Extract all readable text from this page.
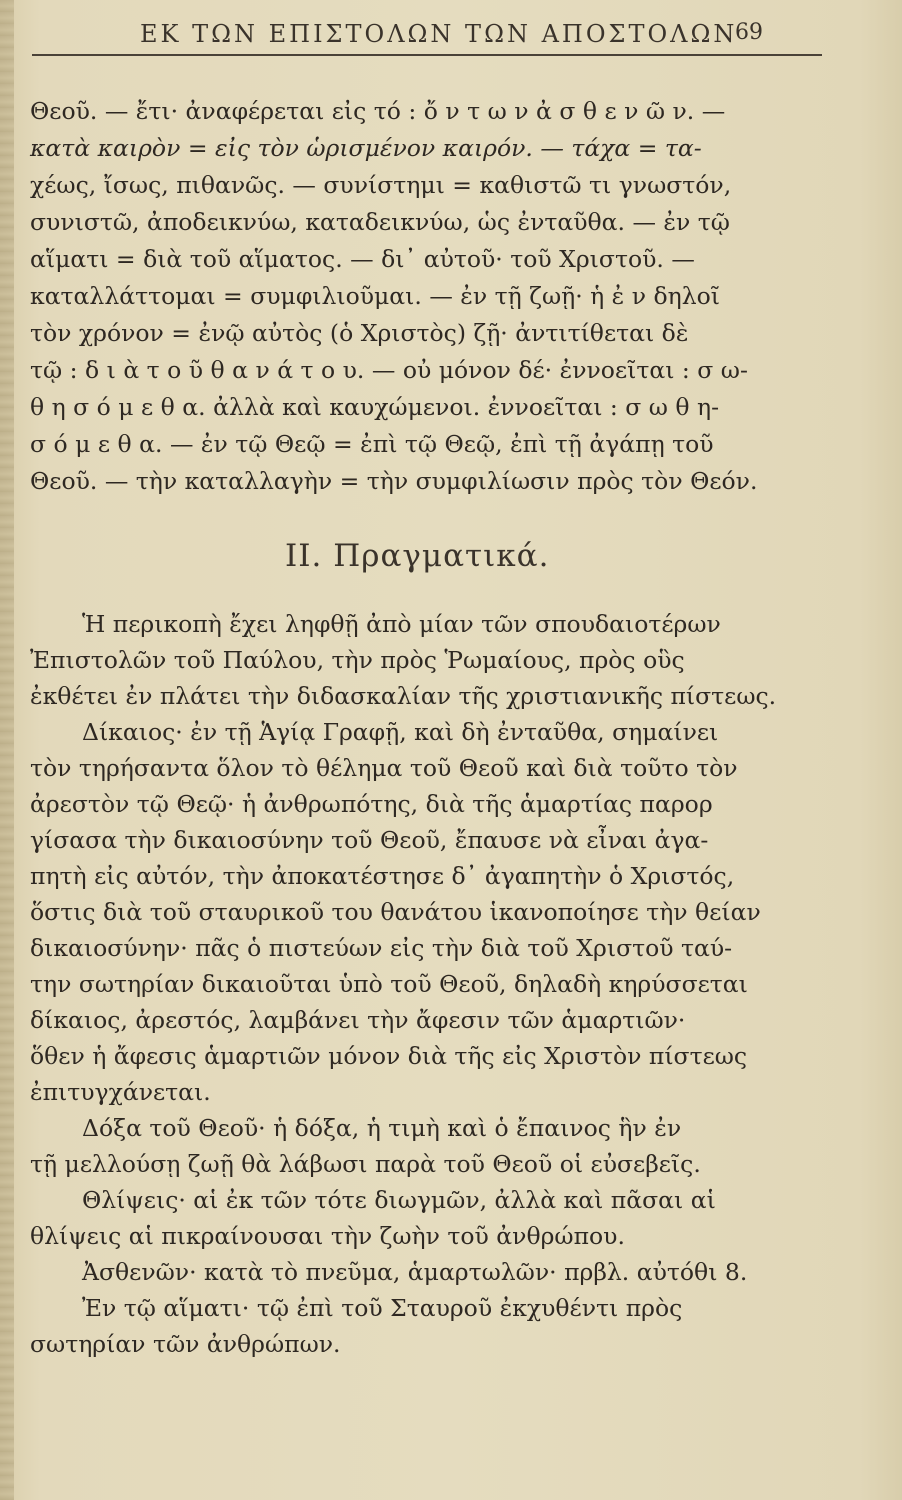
ΕΚ ΤΩΝ ΕΠΙΣΤΟΛΩΝ ΤΩΝ ΑΠΟΣΤΟΛΩΝ
69
Θεοῦ. — ἔτι· ἀναφέρεται εἰς τό : ὄ ν τ ω ν ἀ σ θ ε ν ῶ ν. —
κατὰ καιρὸν = εἰς τὸν ὡρισμένον καιρόν. — τάχα = τα-
χέως, ἴσως, πιθανῶς. — συνίστημι = καθιστῶ τι γνωστόν,
συνιστῶ, ἀποδεικνύω, καταδεικνύω, ὡς ἐνταῦθα. — ἐν τῷ
αἵματι = διὰ τοῦ αἵματος. — δι᾽ αὐτοῦ· τοῦ Χριστοῦ. —
καταλλάττομαι = συμφιλιοῦμαι. — ἐν τῇ ζωῇ· ἡ ἐ ν δηλοῖ
τὸν χρόνον = ἐνῷ αὐτὸς (ὁ Χριστὸς) ζῇ· ἀντιτίθεται δὲ
τῷ : δ ι ὰ τ ο ῦ θ α ν ά τ ο υ. — οὐ μόνον δέ· ἐννοεῖται : σ ω-
θ η σ ό μ ε θ α. ἀλλὰ καὶ καυχώμενοι. ἐννοεῖται : σ ω θ η-
σ ό μ ε θ α. — ἐν τῷ Θεῷ = ἐπὶ τῷ Θεῷ, ἐπὶ τῇ ἀγάπῃ τοῦ
Θεοῦ. — τὴν καταλλαγὴν = τὴν συμφιλίωσιν πρὸς τὸν Θεόν.
ΙΙ. Πραγματικά.
Ἡ περικοπὴ ἔχει ληφθῇ ἀπὸ μίαν τῶν σπουδαιοτέρων
Ἐπιστολῶν τοῦ Παύλου, τὴν πρὸς Ῥωμαίους, πρὸς οὓς
ἐκθέτει ἐν πλάτει τὴν διδασκαλίαν τῆς χριστιανικῆς πίστεως.
Δίκαιος· ἐν τῇ Ἁγίᾳ Γραφῇ, καὶ δὴ ἐνταῦθα, σημαίνει
τὸν τηρήσαντα ὅλον τὸ θέλημα τοῦ Θεοῦ καὶ διὰ τοῦτο τὸν
ἀρεστὸν τῷ Θεῷ· ἡ ἀνθρωπότης, διὰ τῆς ἁμαρτίας παρορ
γίσασα τὴν δικαιοσύνην τοῦ Θεοῦ, ἔπαυσε νὰ εἶναι ἀγα-
πητὴ εἰς αὐτόν, τὴν ἀποκατέστησε δ᾽ ἀγαπητὴν ὁ Χριστός,
ὅστις διὰ τοῦ σταυρικοῦ του θανάτου ἱκανοποίησε τὴν θείαν
δικαιοσύνην· πᾶς ὁ πιστεύων εἰς τὴν διὰ τοῦ Χριστοῦ ταύ-
την σωτηρίαν δικαιοῦται ὑπὸ τοῦ Θεοῦ, δηλαδὴ κηρύσσεται
δίκαιος, ἀρεστός, λαμβάνει τὴν ἄφεσιν τῶν ἁμαρτιῶν·
ὅθεν ἡ ἄφεσις ἁμαρτιῶν μόνον διὰ τῆς εἰς Χριστὸν πίστεως
ἐπιτυγχάνεται.
Δόξα τοῦ Θεοῦ· ἡ δόξα, ἡ τιμὴ καὶ ὁ ἔπαινος ἣν ἐν
τῇ μελλούσῃ ζωῇ θὰ λάβωσι παρὰ τοῦ Θεοῦ οἱ εὐσεβεῖς.
Θλίψεις· αἱ ἐκ τῶν τότε διωγμῶν, ἀλλὰ καὶ πᾶσαι αἱ
θλίψεις αἱ πικραίνουσαι τὴν ζωὴν τοῦ ἀνθρώπου.
Ἀσθενῶν· κατὰ τὸ πνεῦμα, ἁμαρτωλῶν· πρβλ. αὐτόθι 8.
Ἐν τῷ αἵματι· τῷ ἐπὶ τοῦ Σταυροῦ ἐκχυθέντι πρὸς
σωτηρίαν τῶν ἀνθρώπων.
